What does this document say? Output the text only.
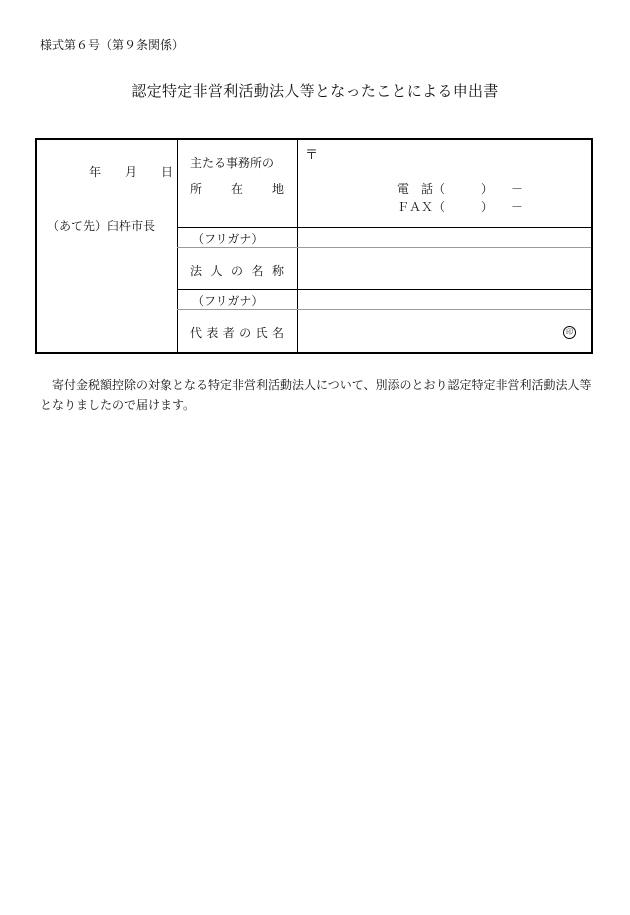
様式第６号（第９条関係）
認定特定非営利活動法人等となったことによる申出書
年 月 日
（あて先）臼杵市長
主たる事務所の
所 在 地
〒
電　話（　　　）　　－
ＦＡＸ（　　　）　　－
（フリガナ）
法 人 の 名 称
（フリガナ）
代 表 者 の 氏 名	印
寄付金税額控除の対象となる特定非営利活動法人について、別添のとおり認定特定非営利活動法人等となりましたので届けます。
